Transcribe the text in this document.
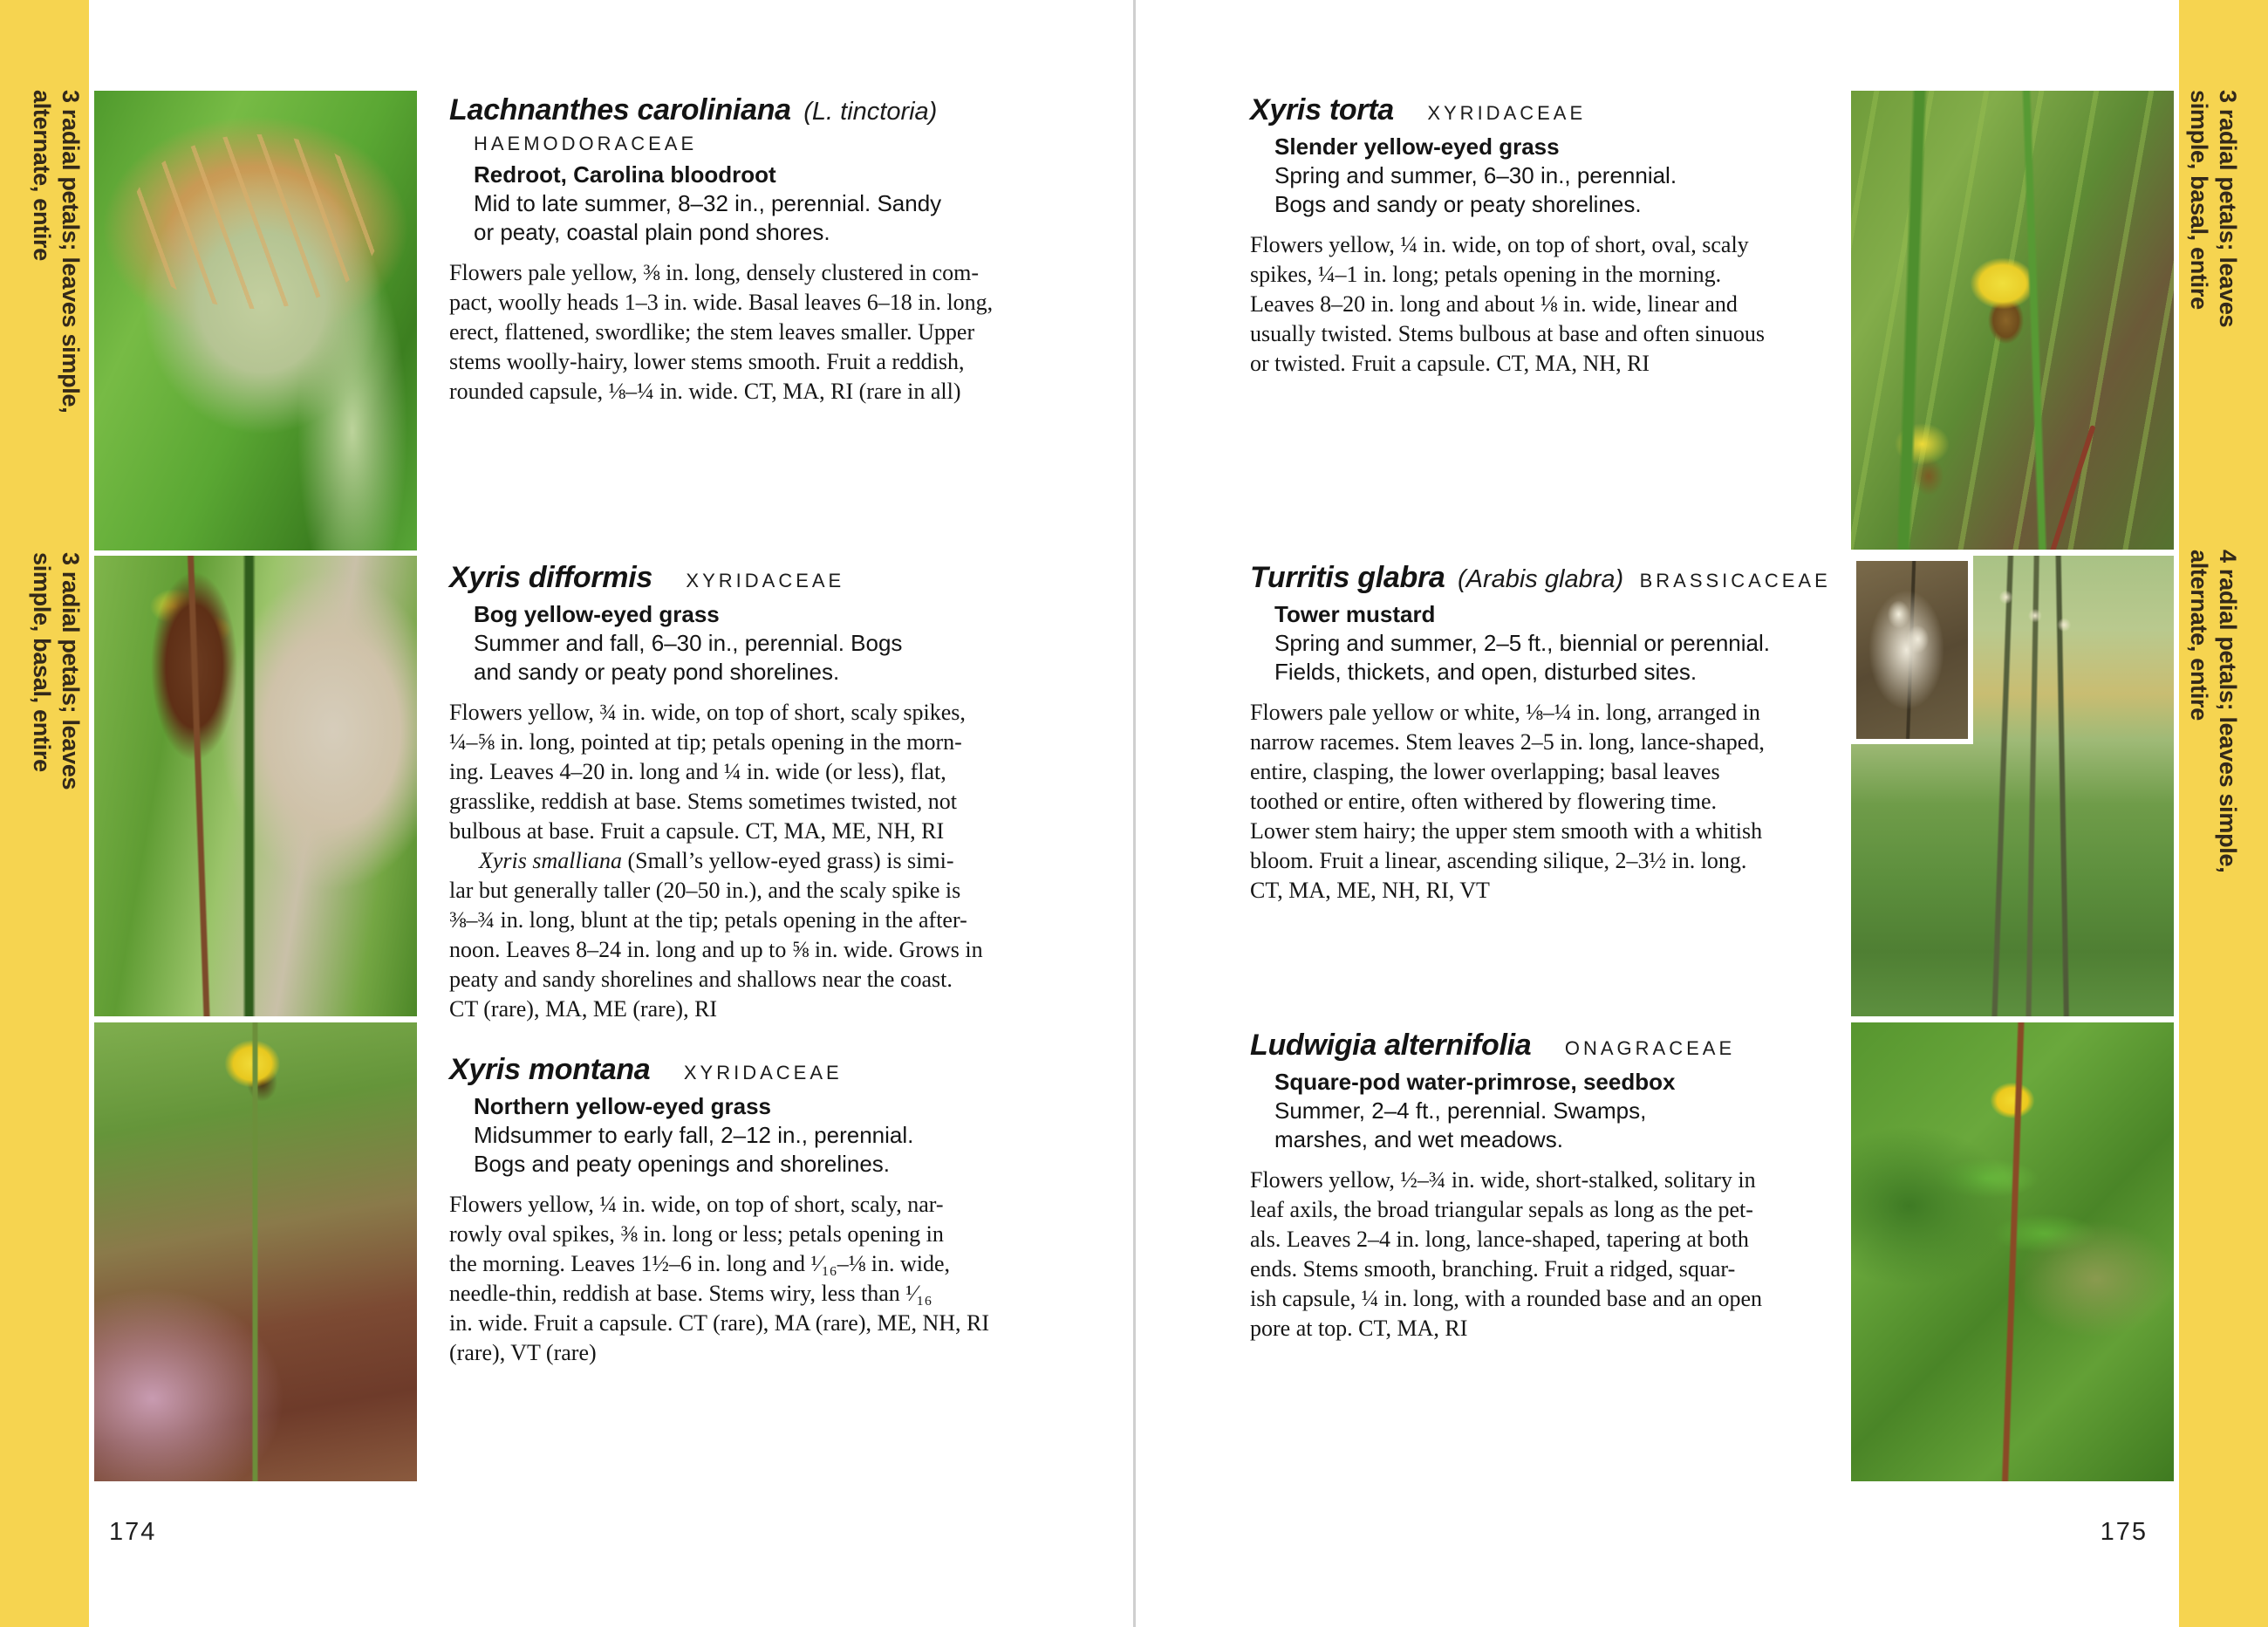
3 radial petals; leaves simple,
alternate, entire
3 radial petals; leaves
simple, basal, entire
3 radial petals; leaves
simple, basal, entire
4 radial petals; leaves simple,
alternate, entire
Lachnanthes caroliniana (L. tinctoria)
HAEMODORACEAE
Redroot, Carolina bloodroot
Mid to late summer, 8–32 in., perennial. Sandy
or peaty, coastal plain pond shores.
Flowers pale yellow, ⅜ in. long, densely clustered in com-
pact, woolly heads 1–3 in. wide. Basal leaves 6–18 in. long,
erect, flattened, swordlike; the stem leaves smaller. Upper
stems woolly-hairy, lower stems smooth. Fruit a reddish,
rounded capsule, ⅛–¼ in. wide. CT, MA, RI (rare in all)
Xyris difformis XYRIDACEAE
Bog yellow-eyed grass
Summer and fall, 6–30 in., perennial. Bogs
and sandy or peaty pond shorelines.
Flowers yellow, ¾ in. wide, on top of short, scaly spikes,
¼–⅝ in. long, pointed at tip; petals opening in the morn-
ing. Leaves 4–20 in. long and ¼ in. wide (or less), flat,
grasslike, reddish at base. Stems sometimes twisted, not
bulbous at base. Fruit a capsule. CT, MA, ME, NH, RI
Xyris smalliana (Small’s yellow-eyed grass) is simi-
lar but generally taller (20–50 in.), and the scaly spike is
⅜–¾ in. long, blunt at the tip; petals opening in the after-
noon. Leaves 8–24 in. long and up to ⅝ in. wide. Grows in
peaty and sandy shorelines and shallows near the coast.
CT (rare), MA, ME (rare), RI
Xyris montana XYRIDACEAE
Northern yellow-eyed grass
Midsummer to early fall, 2–12 in., perennial.
Bogs and peaty openings and shorelines.
Flowers yellow, ¼ in. wide, on top of short, scaly, nar-
rowly oval spikes, ⅜ in. long or less; petals opening in
the morning. Leaves 1½–6 in. long and ¹⁄₁₆–⅛ in. wide,
needle-thin, reddish at base. Stems wiry, less than ¹⁄₁₆
in. wide. Fruit a capsule. CT (rare), MA (rare), ME, NH, RI
(rare), VT (rare)
174
Xyris torta XYRIDACEAE
Slender yellow-eyed grass
Spring and summer, 6–30 in., perennial.
Bogs and sandy or peaty shorelines.
Flowers yellow, ¼ in. wide, on top of short, oval, scaly
spikes, ¼–1 in. long; petals opening in the morning.
Leaves 8–20 in. long and about ⅛ in. wide, linear and
usually twisted. Stems bulbous at base and often sinuous
or twisted. Fruit a capsule. CT, MA, NH, RI
Turritis glabra (Arabis glabra) BRASSICACEAE
Tower mustard
Spring and summer, 2–5 ft., biennial or perennial.
Fields, thickets, and open, disturbed sites.
Flowers pale yellow or white, ⅛–¼ in. long, arranged in
narrow racemes. Stem leaves 2–5 in. long, lance-shaped,
entire, clasping, the lower overlapping; basal leaves
toothed or entire, often withered by flowering time.
Lower stem hairy; the upper stem smooth with a whitish
bloom. Fruit a linear, ascending silique, 2–3½ in. long.
CT, MA, ME, NH, RI, VT
Ludwigia alternifolia ONAGRACEAE
Square-pod water-primrose, seedbox
Summer, 2–4 ft., perennial. Swamps,
marshes, and wet meadows.
Flowers yellow, ½–¾ in. wide, short-stalked, solitary in
leaf axils, the broad triangular sepals as long as the pet-
als. Leaves 2–4 in. long, lance-shaped, tapering at both
ends. Stems smooth, branching. Fruit a ridged, squar-
ish capsule, ¼ in. long, with a rounded base and an open
pore at top. CT, MA, RI
175
